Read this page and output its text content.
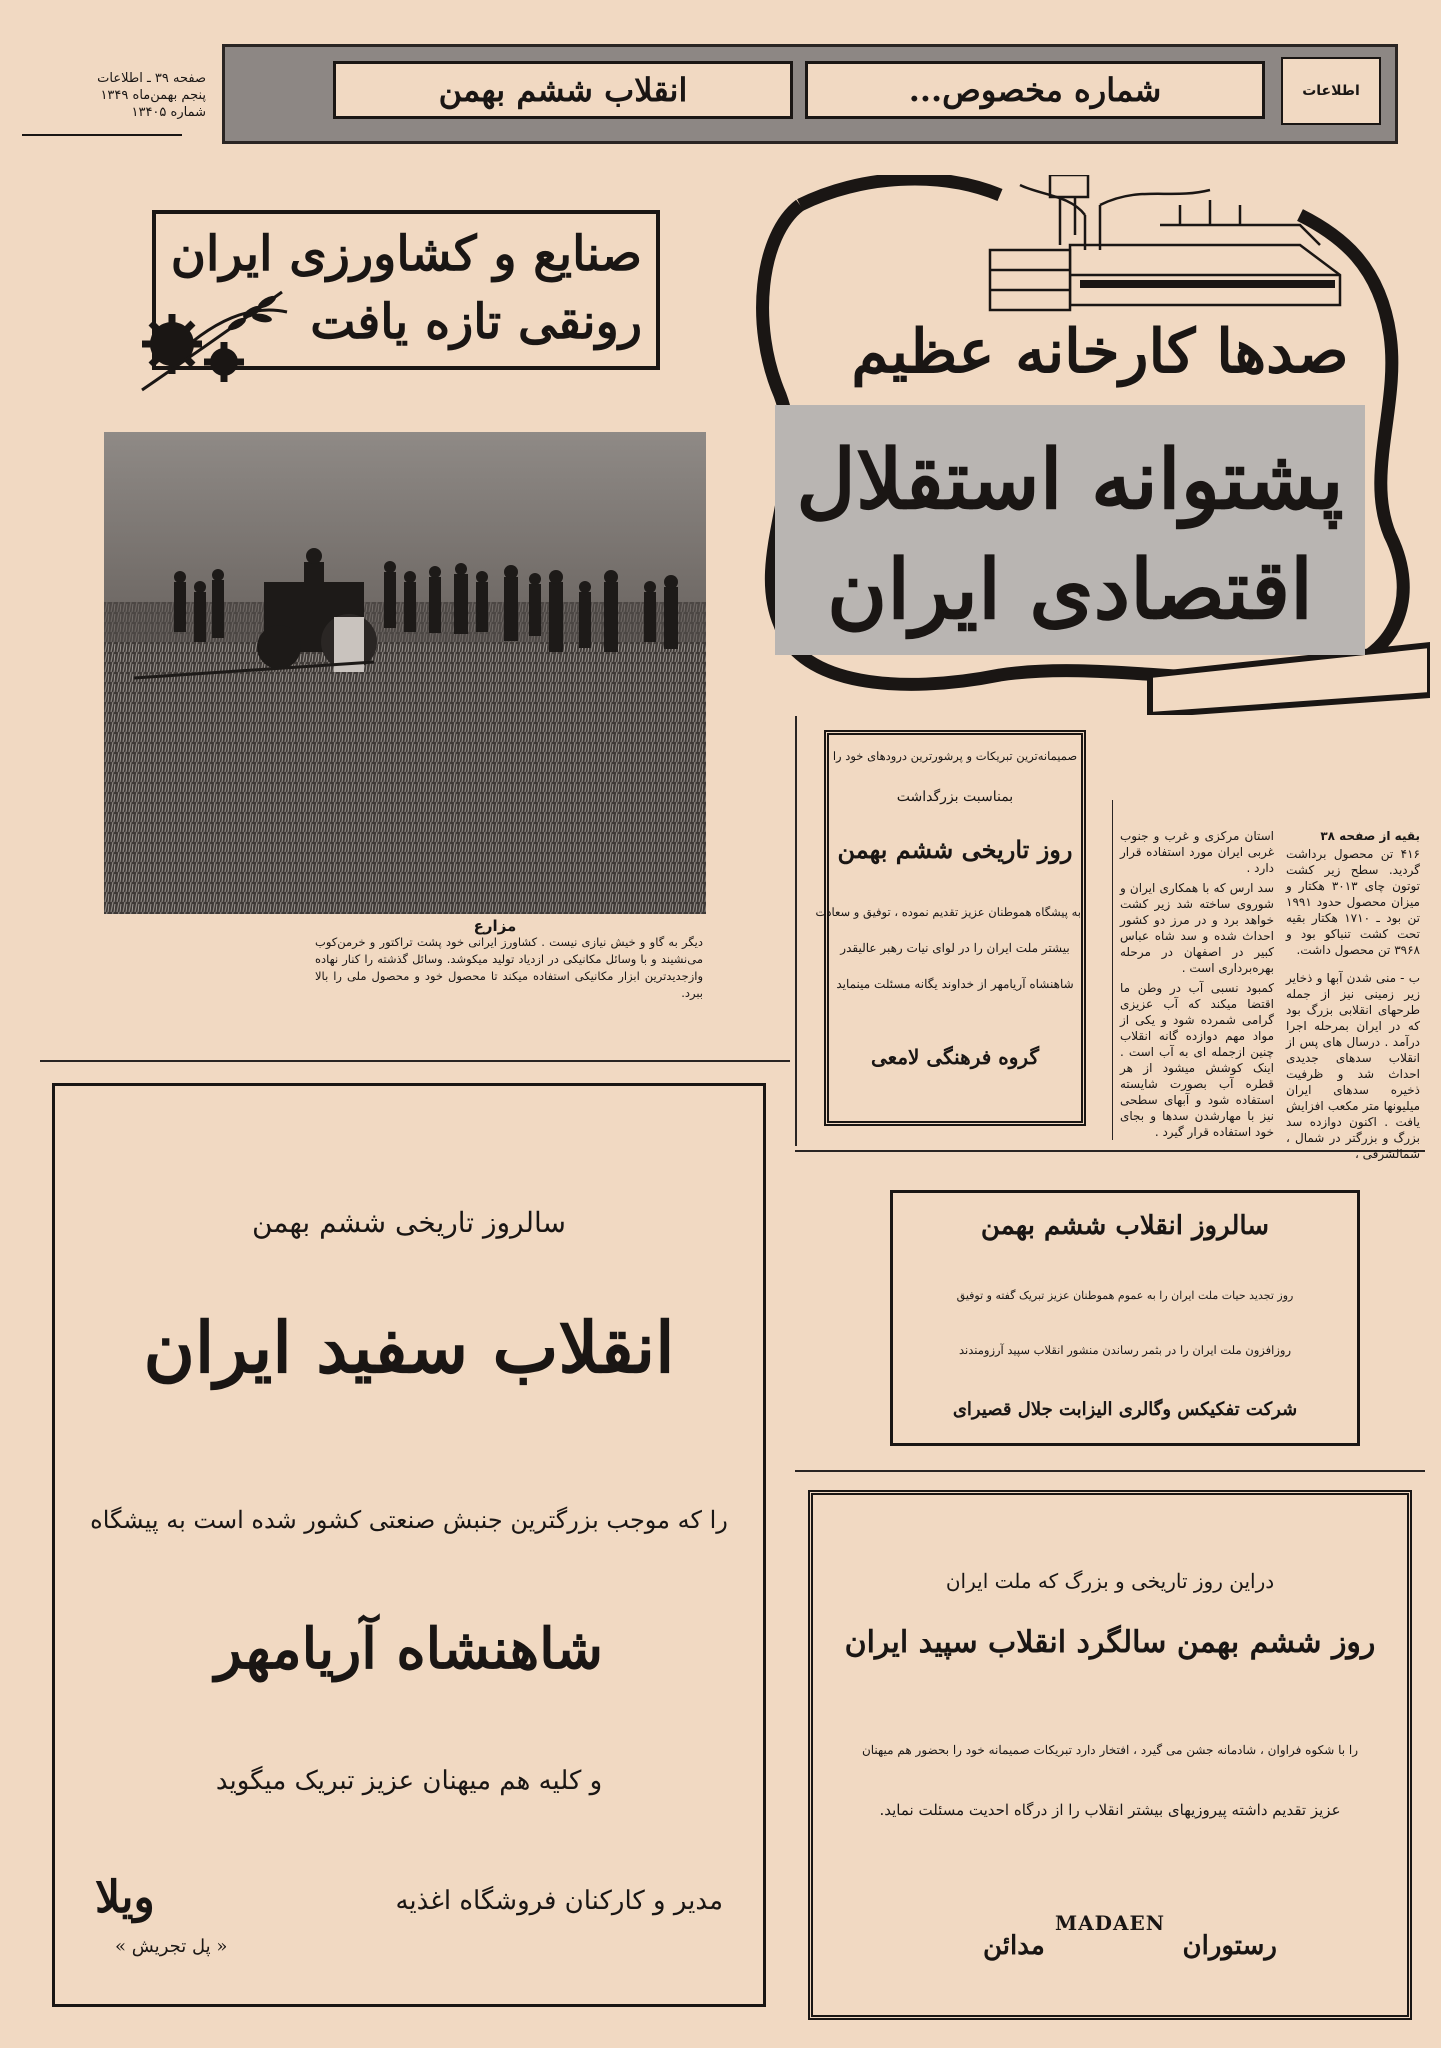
صفحه ۳۹ ـ اطلاعات
پنجم بهمن‌ماه ۱۳۴۹
شماره ۱۳۴۰۵
اطلاعات
شماره مخصوص...
انقلاب ششم بهمن
صنایع و کشاورزی ایران
رونقی تازه یافت
مزارع
دیگر به گاو و خیش نیازی نیست . کشاورز ایرانی خود پشت تراکتور و خرمن‌کوب می‌نشیند و با وسائل مکانیکی در ازدیاد تولید میکوشد. وسائل گذشته را کنار نهاده وازجدیدترین ابزار مکانیکی استفاده میکند تا محصول خود و محصول ملی را بالا ببرد.
صدها کارخانه عظیم
پشتوانه استقلال
اقتصادی ایران
بقیه از صفحه ۳۸
۴۱۶ تن محصول برداشت گردید. سطح زیر کشت توتون چای ۳۰۱۳ هکتار و میزان محصول حدود ۱۹۹۱ تن بود ـ ۱۷۱۰ هکتار بقیه تحت کشت تنباکو بود و ۳۹۶۸ تن محصول داشت.
ب - منی شدن آبها و ذخایر زیر زمینی نیز از جمله طرحهای انقلابی بزرگ بود که در ایران بمرحله اجرا درآمد . درسال های پس از انقلاب سدهای جدیدی احداث شد و ظرفیت ذخیره سدهای ایران میلیونها متر مکعب افزایش یافت . اکنون دوازده سد بزرگ و بزرگتر در شمال ، شمالشرقی ،
استان مرکزی و غرب و جنوب غربی ایران مورد استفاده قرار دارد .
سد ارس که با همکاری ایران و شوروی ساخته شد زیر کشت خواهد برد و در مرز دو کشور احداث شده و سد شاه عباس کبیر در اصفهان در مرحله بهره‌برداری است .
کمبود نسبی آب در وطن ما اقتضا میکند که آب عزیزی گرامی شمرده شود و یکی از مواد مهم دوازده گانه انقلاب چنین ازجمله ای به آب است . اینک کوشش میشود از هر قطره آب بصورت شایسته استفاده شود و آبهای سطحی نیز با مهارشدن سدها و بجای خود استفاده قرار گیرد .
صمیمانه‌ترین تبریکات و پرشورترین درودهای خود را
بمناسبت بزرگداشت
روز تاریخی ششم بهمن
به پیشگاه هموطنان عزیز تقدیم نموده ، توفیق و سعادت
بیشتر ملت ایران را در لوای نیات رهبر عالیقدر
شاهنشاه آریامهر از خداوند یگانه مسئلت مینماید
گروه فرهنگی لامعی
سالروز تاریخی ششم بهمن
انقلاب سفید ایران
را که موجب بزرگترین جنبش صنعتی کشور شده است به پیشگاه
شاهنشاه آریامهر
و کلیه هم میهنان عزیز تبریک میگوید
مدیر و کارکنان فروشگاه اغذیه
ویلا
« پل تجریش »
سالروز انقلاب ششم بهمن
روز تجدید حیات ملت ایران را به عموم هموطنان عزیز تبریک گفته و توفیق
روزافزون ملت ایران را در بثمر رساندن منشور انقلاب سپید آرزومندند
شرکت تفکیکس وگالری الیزابت جلال قصیرای
دراین روز تاریخی و بزرگ که ملت ایران
روز ششم بهمن سالگرد انقلاب سپید ایران
را با شکوه فراوان ، شادمانه جشن می گیرد ، افتخار دارد تبریکات صمیمانه خود را بحضور هم میهنان
عزیز تقدیم داشته پیروزیهای بیشتر انقلاب را از درگاه احدیت مسئلت نماید.
MADAEN
رستوران
مدائن
